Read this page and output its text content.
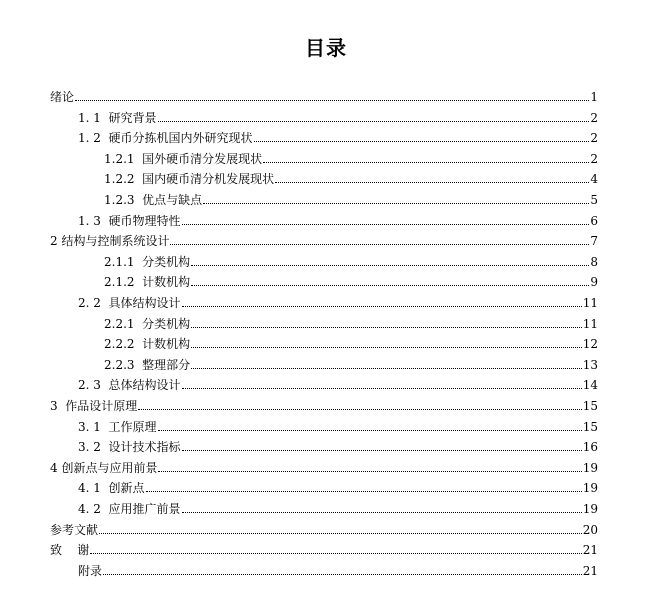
目录
绪论	1
1. 1  研究背景	2
1. 2  硬币分拣机国内外研究现状	2
1.2.1  国外硬币清分发展现状	2
1.2.2  国内硬币清分机发展现状	4
1.2.3  优点与缺点	5
1. 3  硬币物理特性	6
2 结构与控制系统设计	7
2.1.1  分类机构	8
2.1.2  计数机构	9
2. 2  具体结构设计	11
2.2.1  分类机构	11
2.2.2  计数机构	12
2.2.3  整理部分	13
2. 3  总体结构设计	14
3  作品设计原理	15
3. 1  工作原理	15
3. 2  设计技术指标	16
4 创新点与应用前景	19
4. 1  创新点	19
4. 2  应用推广前景	19
参考文献	20
致    谢	21
附录	21
